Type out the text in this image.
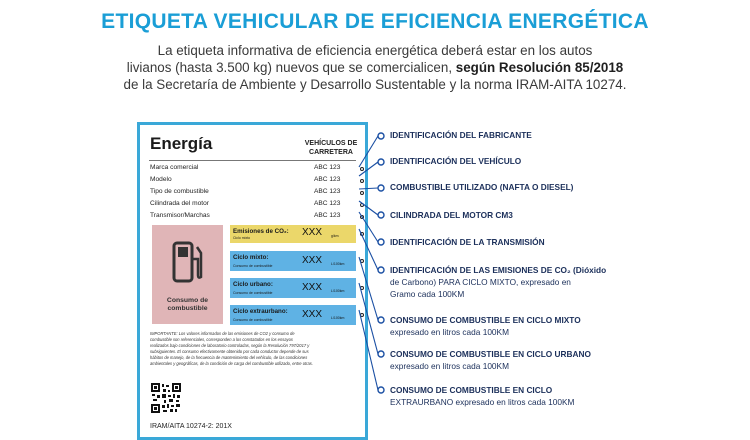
ETIQUETA VEHICULAR DE EFICIENCIA ENERGÉTICA
La etiqueta informativa de eficiencia energética deberá estar en los autos
livianos (hasta 3.500 kg) nuevos que se comercialicen, según Resolución 85/2018
de la Secretaría de Ambiente y Desarrollo Sustentable y la norma IRAM-AITA 10274.
Energía	VEHÍCULOS DE
CARRETERA
Marca comercial	ABC 123
Modelo	ABC 123
Tipo de combustible	ABC 123
Cilindrada del motor	ABC 123
Transmisor/Marchas	ABC 123
Consumo de
combustible
Emisiones de CO₂:
Ciclo mixto	XXX	g/km
Ciclo mixto:
Consumo de combustible	XXX	L/100km
Ciclo urbano:
Consumo de combustible	XXX	L/100km
Ciclo extraurbano:
Consumo de combustible	XXX	L/100km
IMPORTANTE: Los valores informados de las emisiones de CO2 y consumo de
combustible son referenciales, corresponden a los constatados en los ensayos
realizados bajo condiciones de laboratorio controladas, según la Resolución 797/2017 y
subsiguientes. El consumo efectivamente obtenido por cada conductor depende de sus
hábitos de manejo, de la frecuencia de mantenimiento del vehículo, de las condiciones
ambientales y geográficas, de la condición de carga del combustible utilizado, entre otras.
IRAM/AITA 10274-2: 201X
IDENTIFICACIÓN DEL FABRICANTE
IDENTIFICACIÓN DEL VEHÍCULO
COMBUSTIBLE UTILIZADO (NAFTA O DIESEL)
CILINDRADA DEL MOTOR CM3
IDENTIFICACIÓN DE LA TRANSMISIÓN
IDENTIFICACIÓN DE LAS EMISIONES DE CO₂ (Dióxido
de Carbono) PARA CICLO MIXTO, expresado en
Gramo cada 100KM
CONSUMO DE COMBUSTIBLE EN CICLO MIXTO
expresado en litros cada 100KM
CONSUMO DE COMBUSTIBLE EN CICLO URBANO
expresado en litros cada 100KM
CONSUMO DE COMBUSTIBLE EN CICLO
EXTRAURBANO expresado en litros cada 100KM
